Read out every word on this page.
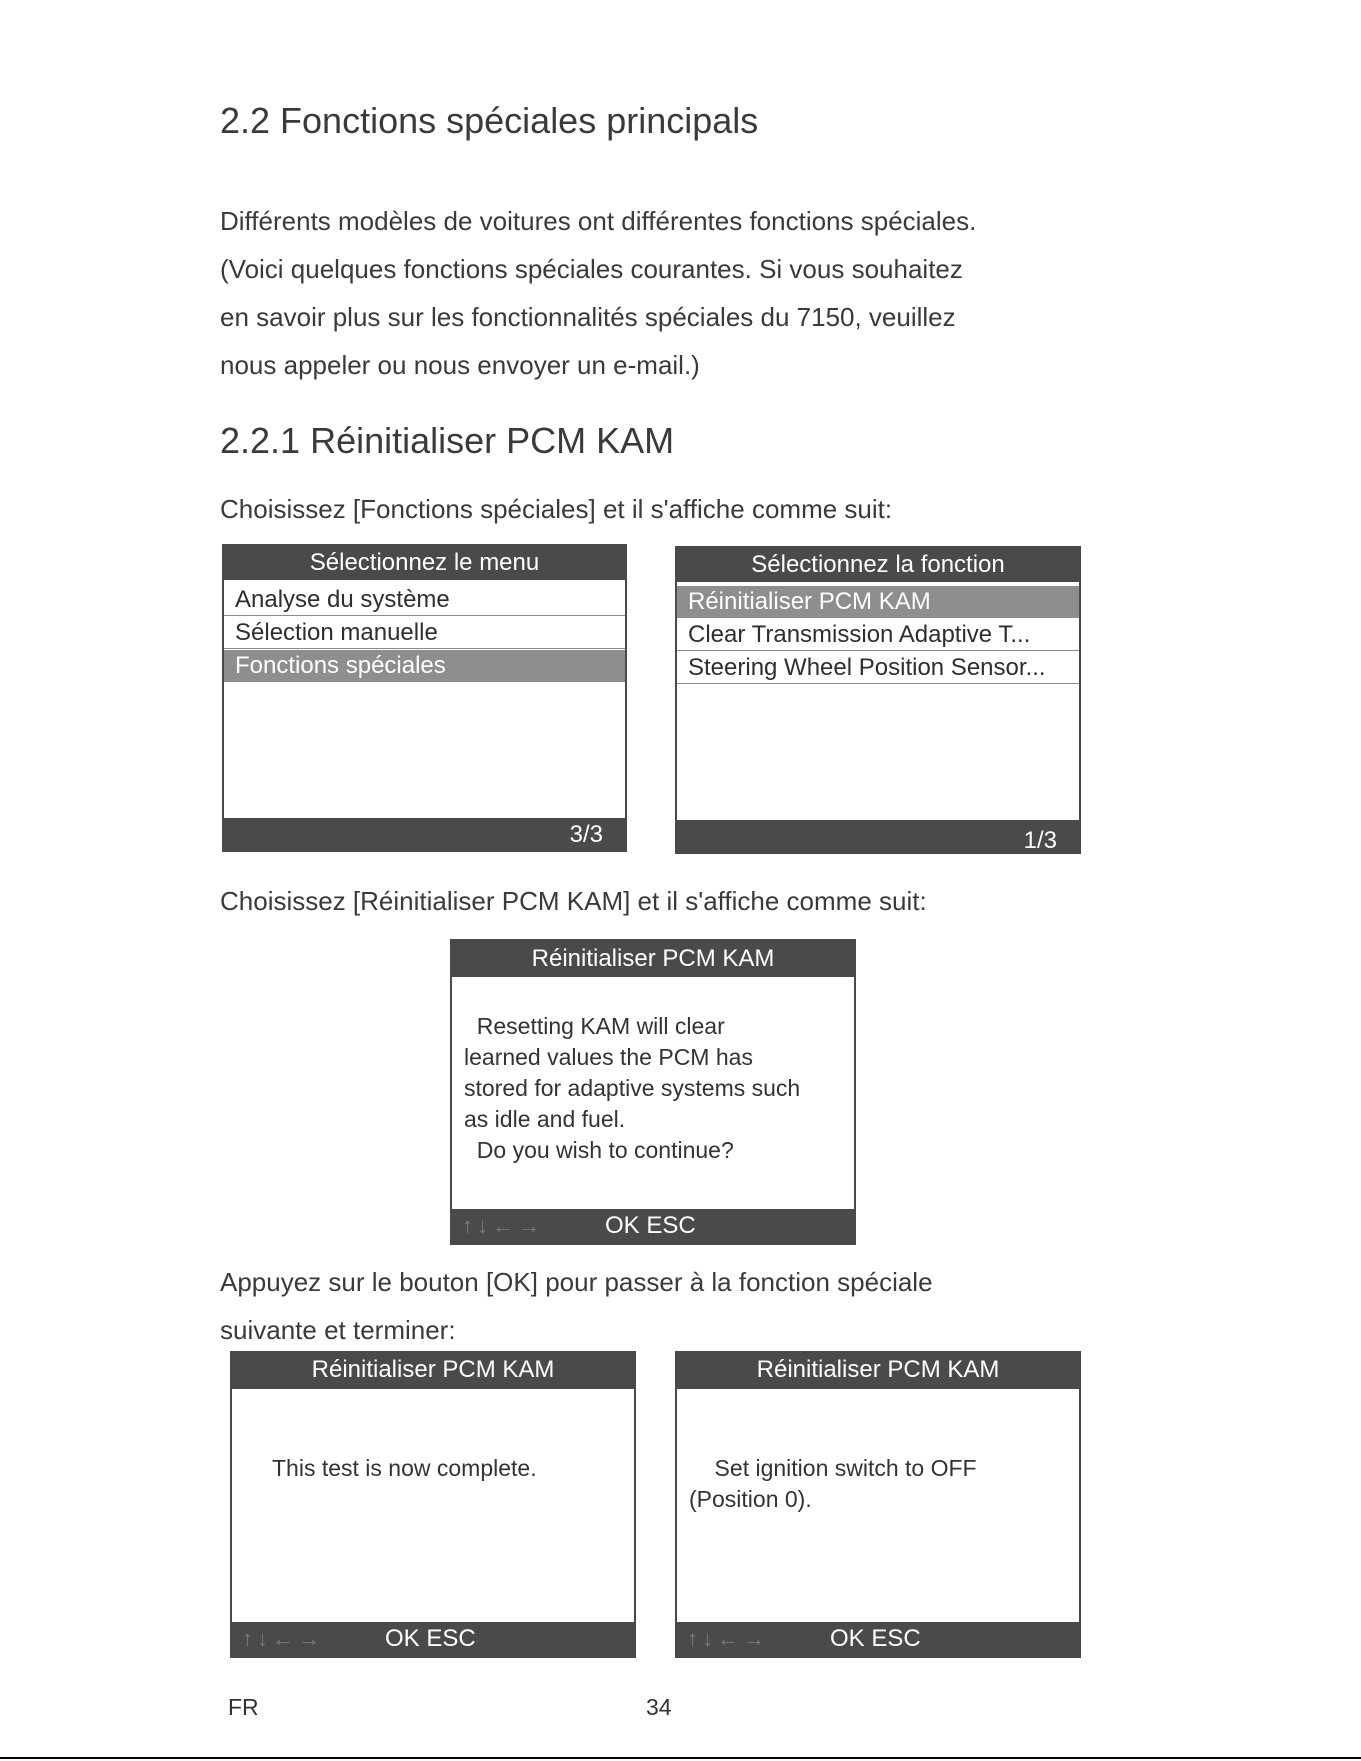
2.2 Fonctions spéciales principals
Différents modèles de voitures ont différentes fonctions spéciales.
(Voici quelques fonctions spéciales courantes. Si vous souhaitez
en savoir plus sur les fonctionnalités spéciales du 7150, veuillez
nous appeler ou nous envoyer un e-mail.)
2.2.1 Réinitialiser PCM KAM
Choisissez [Fonctions spéciales] et il s'affiche comme suit:
Sélectionnez le menu
Analyse du système
Sélection manuelle
Fonctions spéciales
3/3
Sélectionnez la fonction
Réinitialiser PCM KAM
Clear Transmission Adaptive T...
Steering Wheel Position Sensor...
1/3
Choisissez [Réinitialiser PCM KAM] et il s'affiche comme suit:
Réinitialiser PCM KAM
Resetting KAM will clear
learned values the PCM has
stored for adaptive systems such
as idle and fuel.
Do you wish to continue?
↑↓←→	OK ESC
Appuyez sur le bouton [OK] pour passer à la fonction spéciale
suivante et terminer:
Réinitialiser PCM KAM
This test is now complete.
↑↓←→	OK ESC
Réinitialiser PCM KAM
Set ignition switch to OFF
(Position 0).
↑↓←→	OK ESC
FR	34
